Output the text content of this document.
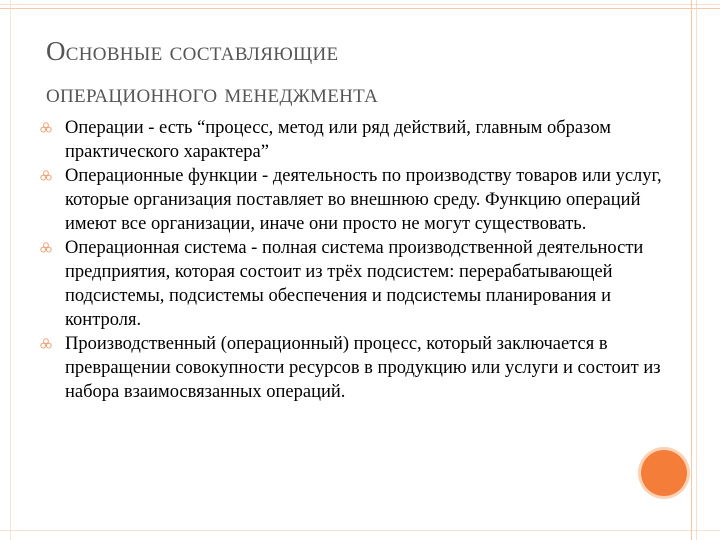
Основные составляющие
операционного менеджмента
Операции - есть “процесс, метод или ряд действий, главным образом практического характера”
Операционные функции - деятельность по производству товаров или услуг, которые организация поставляет во внешнюю среду. Функцию операций имеют все организации, иначе они просто не могут существовать.
Операционная система - полная система производственной деятельности предприятия, которая состоит из трёх подсистем: перерабатывающей подсистемы, подсистемы обеспечения и подсистемы планирования и контроля.
Производственный (операционный) процесс, который заключается в превращении совокупности ресурсов в продукцию или услуги и состоит из набора взаимосвязанных операций.
